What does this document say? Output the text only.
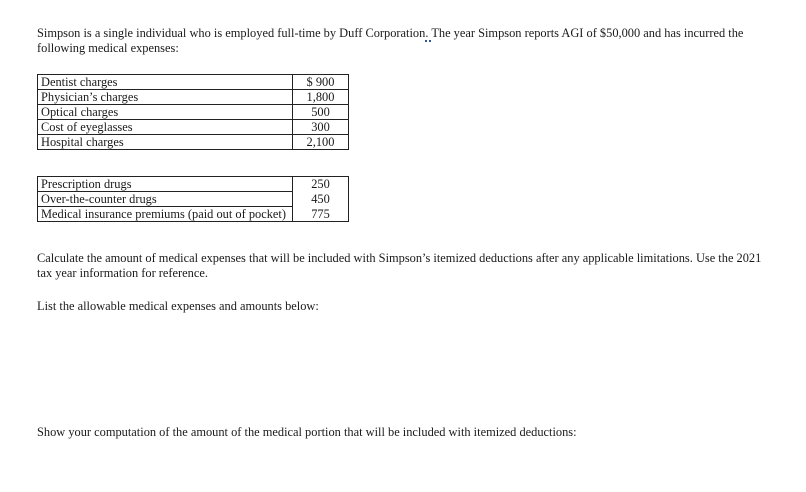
Simpson is a single individual who is employed full-time by Duff Corporation. The year Simpson reports AGI of $50,000 and has incurred the following medical expenses:

Dentist charges	$ 900
Physician’s charges	1,800
Optical charges	500
Cost of eyeglasses	300
Hospital charges	2,100
Prescription drugs	250
Over-the-counter drugs	450
Medical insurance premiums (paid out of pocket)	775

Calculate the amount of medical expenses that will be included with Simpson’s itemized deductions after any applicable limitations. Use the 2021 tax year information for reference.

List the allowable medical expenses and amounts below:

Show your computation of the amount of the medical portion that will be included with itemized deductions:
